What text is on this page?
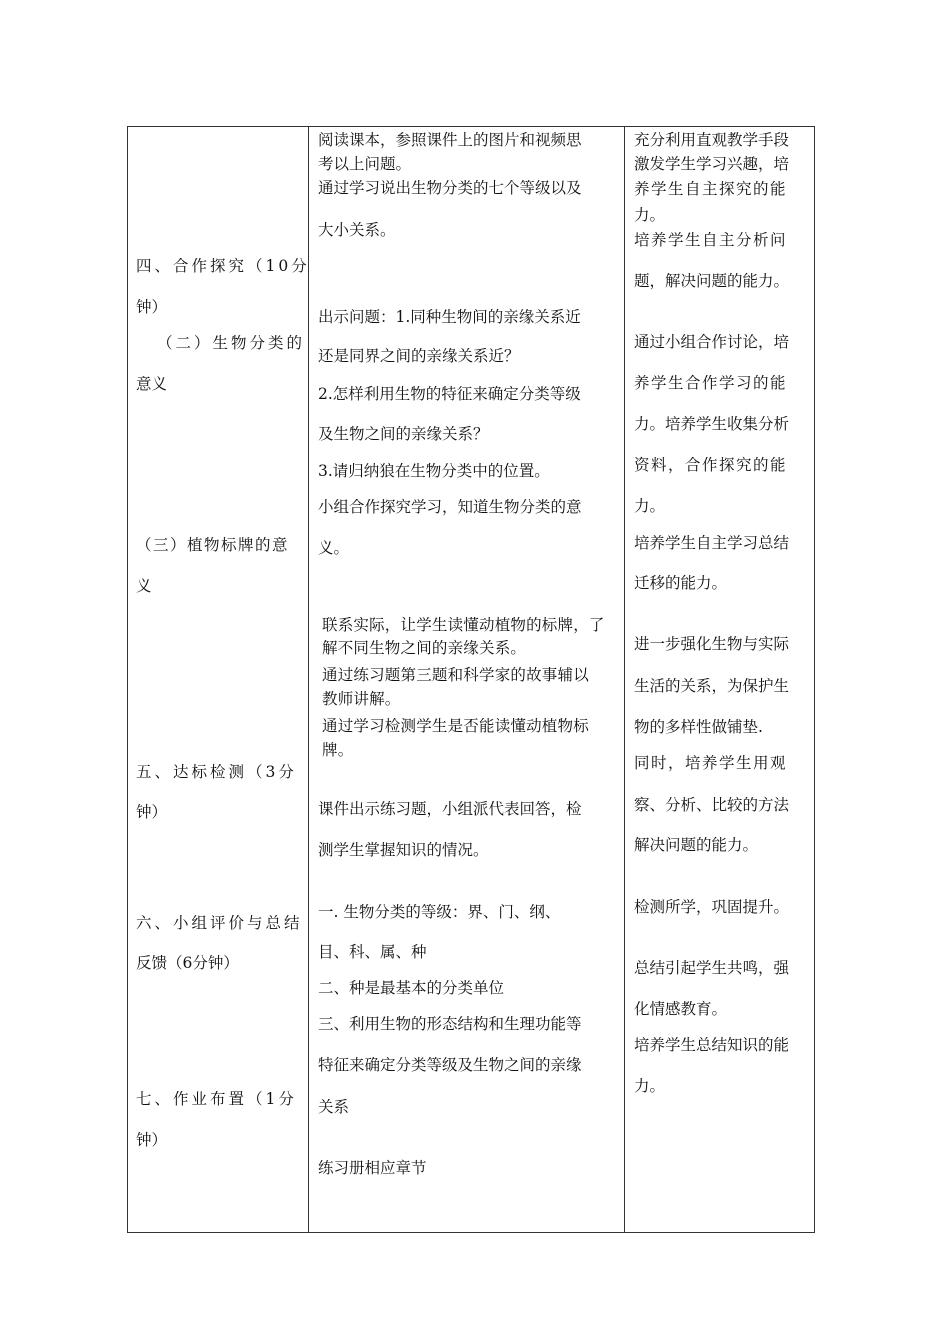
四、合作探究（10分
钟）
（二）生物分类的
意义
（三）植物标牌的意
义
五、达标检测（3分
钟）
六、小组评价与总结
反馈（6分钟）
七、作业布置（1分
钟）
阅读课本，参照课件上的图片和视频思
考以上问题。
通过学习说出生物分类的七个等级以及
大小关系。
出示问题：1.同种生物间的亲缘关系近
还是同界之间的亲缘关系近？
2.怎样利用生物的特征来确定分类等级
及生物之间的亲缘关系？
3.请归纳狼在生物分类中的位置。
小组合作探究学习，知道生物分类的意
义。
联系实际，让学生读懂动植物的标牌，了
解不同生物之间的亲缘关系。
通过练习题第三题和科学家的故事辅以
教师讲解。
通过学习检测学生是否能读懂动植物标
牌。
课件出示练习题，小组派代表回答，检
测学生掌握知识的情况。
一. 生物分类的等级：界、门、纲、
目、科、属、种
二、种是最基本的分类单位
三、利用生物的形态结构和生理功能等
特征来确定分类等级及生物之间的亲缘
关系
练习册相应章节
充分利用直观教学手段
激发学生学习兴趣，培
养学生自主探究的能
力。
培养学生自主分析问
题，解决问题的能力。
通过小组合作讨论，培
养学生合作学习的能
力。培养学生收集分析
资料，合作探究的能
力。
培养学生自主学习总结
迁移的能力。
进一步强化生物与实际
生活的关系，为保护生
物的多样性做铺垫.
同时，培养学生用观
察、分析、比较的方法
解决问题的能力。
检测所学，巩固提升。
总结引起学生共鸣，强
化情感教育。
培养学生总结知识的能
力。
